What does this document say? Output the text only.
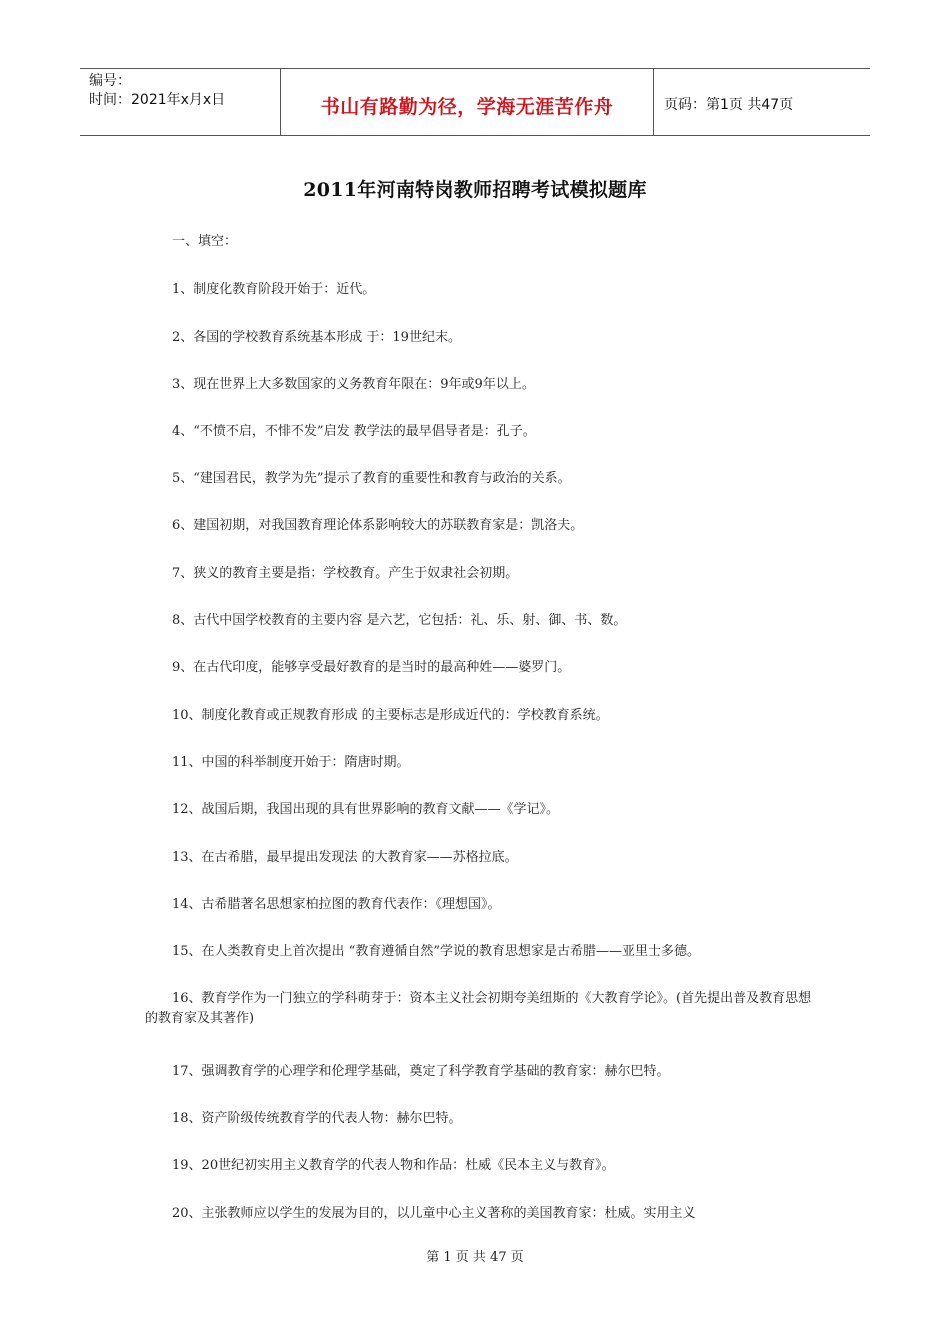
编号：
时间：2021年x月x日	书山有路勤为径，学海无涯苦作舟	页码：第1页 共47页
2011年河南特岗教师招聘考试模拟题库

一、填空：

1、制度化教育阶段开始于：近代。

2、各国的学校教育系统基本形成 于：19世纪末。

3、现在世界上大多数国家的义务教育年限在：9年或9年以上。

4、“不愤不启，不悱不发”启发 教学法的最早倡导者是：孔子。

5、“建国君民，教学为先”提示了教育的重要性和教育与政治的关系。

6、建国初期，对我国教育理论体系影响较大的苏联教育家是：凯洛夫。

7、狭义的教育主要是指：学校教育。产生于奴隶社会初期。

8、古代中国学校教育的主要内容 是六艺，它包括：礼、乐、射、御、书、数。

9、在古代印度，能够享受最好教育的是当时的最高种姓——婆罗门。

10、制度化教育或正规教育形成 的主要标志是形成近代的：学校教育系统。

11、中国的科举制度开始于：隋唐时期。

12、战国后期，我国出现的具有世界影响的教育文献——《学记》。

13、在古希腊，最早提出发现法 的大教育家——苏格拉底。

14、古希腊著名思想家柏拉图的教育代表作：《理想国》。

15、在人类教育史上首次提出 “教育遵循自然”学说的教育思想家是古希腊——亚里士多德。

16、教育学作为一门独立的学科萌芽于：资本主义社会初期夸美纽斯的《大教育学论》。(首先提出普及教育思想的教育家及其著作)

17、强调教育学的心理学和伦理学基础，奠定了科学教育学基础的教育家：赫尔巴特。

18、资产阶级传统教育学的代表人物：赫尔巴特。

19、20世纪初实用主义教育学的代表人物和作品：杜威《民本主义与教育》。

20、主张教师应以学生的发展为目的，以儿童中心主义著称的美国教育家：杜威。实用主义

第 1 页 共 47 页
